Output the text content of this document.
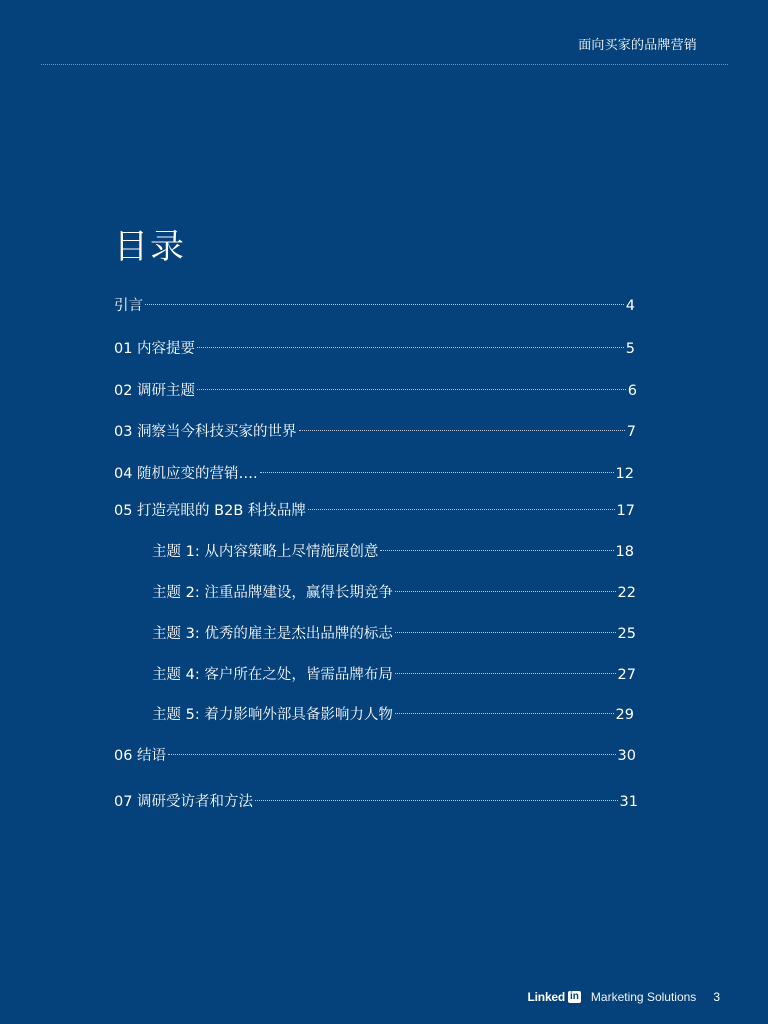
面向买家的品牌营销
目录
引言	4
01 内容提要	5
02 调研主题	6
03 洞察当今科技买家的世界	7
04 随机应变的营销….	12
05 打造亮眼的 B2B 科技品牌	17
主题 1: 从内容策略上尽情施展创意	18
主题 2: 注重品牌建设，赢得长期竞争	22
主题 3: 优秀的雇主是杰出品牌的标志	25
主题 4: 客户所在之处，皆需品牌布局	27
主题 5: 着力影响外部具备影响力人物	29
06 结语	30
07 调研受访者和方法	31
Linked in Marketing Solutions 3
